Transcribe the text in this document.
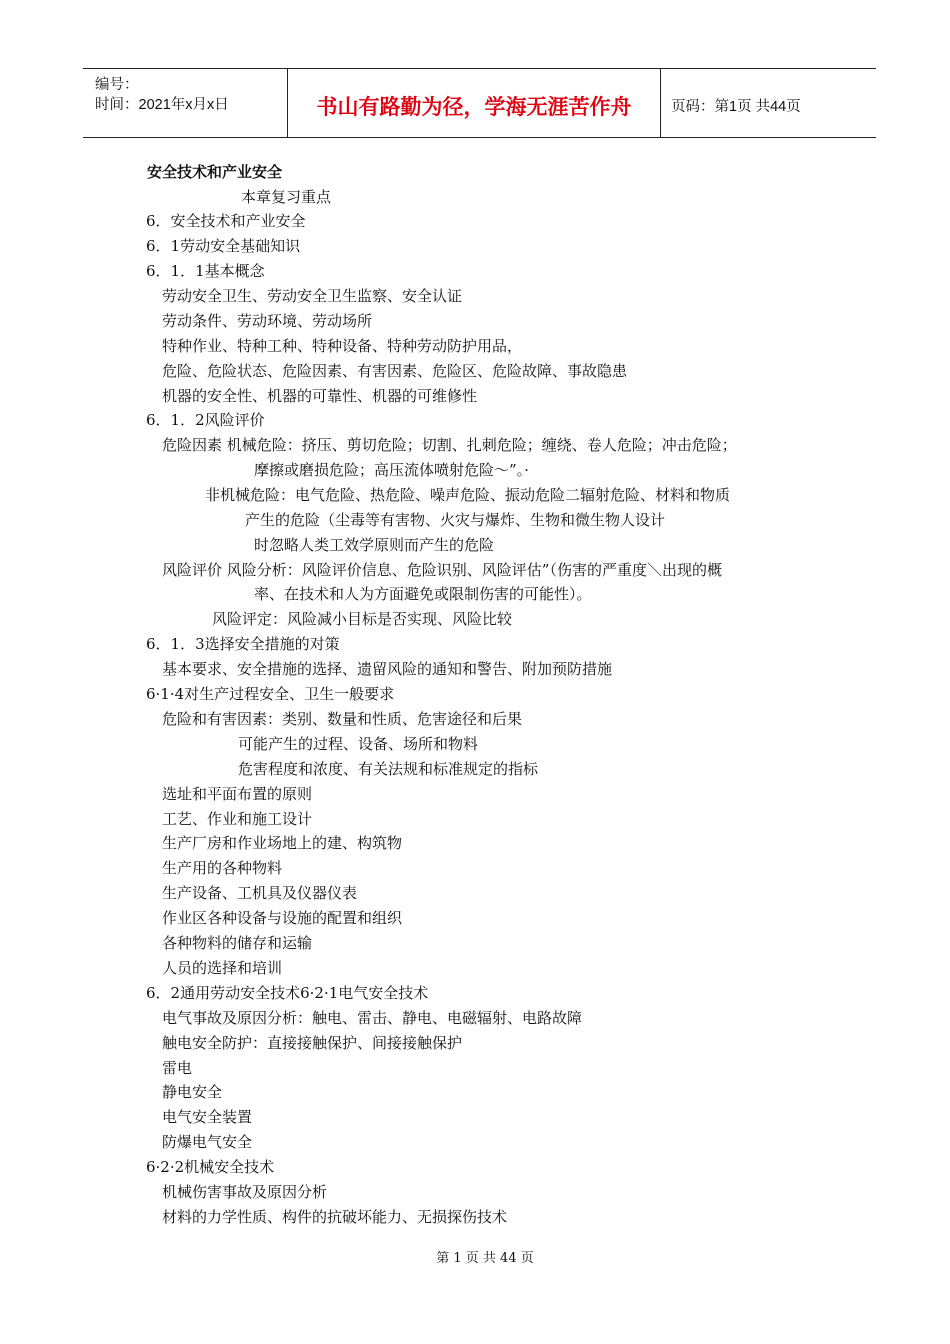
编号：
时间：2021年x月x日	书山有路勤为径，学海无涯苦作舟	页码：第1页 共44页
安全技术和产业安全
本章复习重点
6．安全技术和产业安全
6．1劳动安全基础知识
6．1．1基本概念
劳动安全卫生、劳动安全卫生监察、安全认证
劳动条件、劳动环境、劳动场所
特种作业、特种工种、特种设备、特种劳动防护用品，
危险、危险状态、危险因素、有害因素、危险区、危险故障、事故隐患
机器的安全性、机器的可靠性、机器的可维修性
6．1．2风险评价
危险因素 机械危险：挤压、剪切危险；切割、扎刺危险；缠绕、卷人危险；冲击危险；
摩擦或磨损危险；高压流体喷射危险～”。·
非机械危险：电气危险、热危险、噪声危险、振动危险二辐射危险、材料和物质
产生的危险（尘毒等有害物、火灾与爆炸、生物和微生物人设计
时忽略人类工效学原则而产生的危险
风险评价 风险分析：风险评价信息、危险识别、风险评估”（伤害的严重度＼出现的概
率、在技术和人为方面避免或限制伤害的可能性）。
风险评定：风险减小目标是否实现、风险比较
6．1．3选择安全措施的对策
基本要求、安全措施的选择、遗留风险的通知和警告、附加预防措施
6·1·4对生产过程安全、卫生一般要求
危险和有害因素：类别、数量和性质、危害途径和后果
可能产生的过程、设备、场所和物料
危害程度和浓度、有关法规和标准规定的指标
选址和平面布置的原则
工艺、作业和施工设计
生产厂房和作业场地上的建、构筑物
生产用的各种物料
生产设备、工机具及仪器仪表
作业区各种设备与设施的配置和组织
各种物料的储存和运输
人员的选择和培训
6．2通用劳动安全技术6·2·1电气安全技术
电气事故及原因分析：触电、雷击、静电、电磁辐射、电路故障
触电安全防护：直接接触保护、间接接触保护
雷电
静电安全
电气安全装置
防爆电气安全
6·2·2机械安全技术
机械伤害事故及原因分析
材料的力学性质、构件的抗破坏能力、无损探伤技术
第 1 页 共 44 页
